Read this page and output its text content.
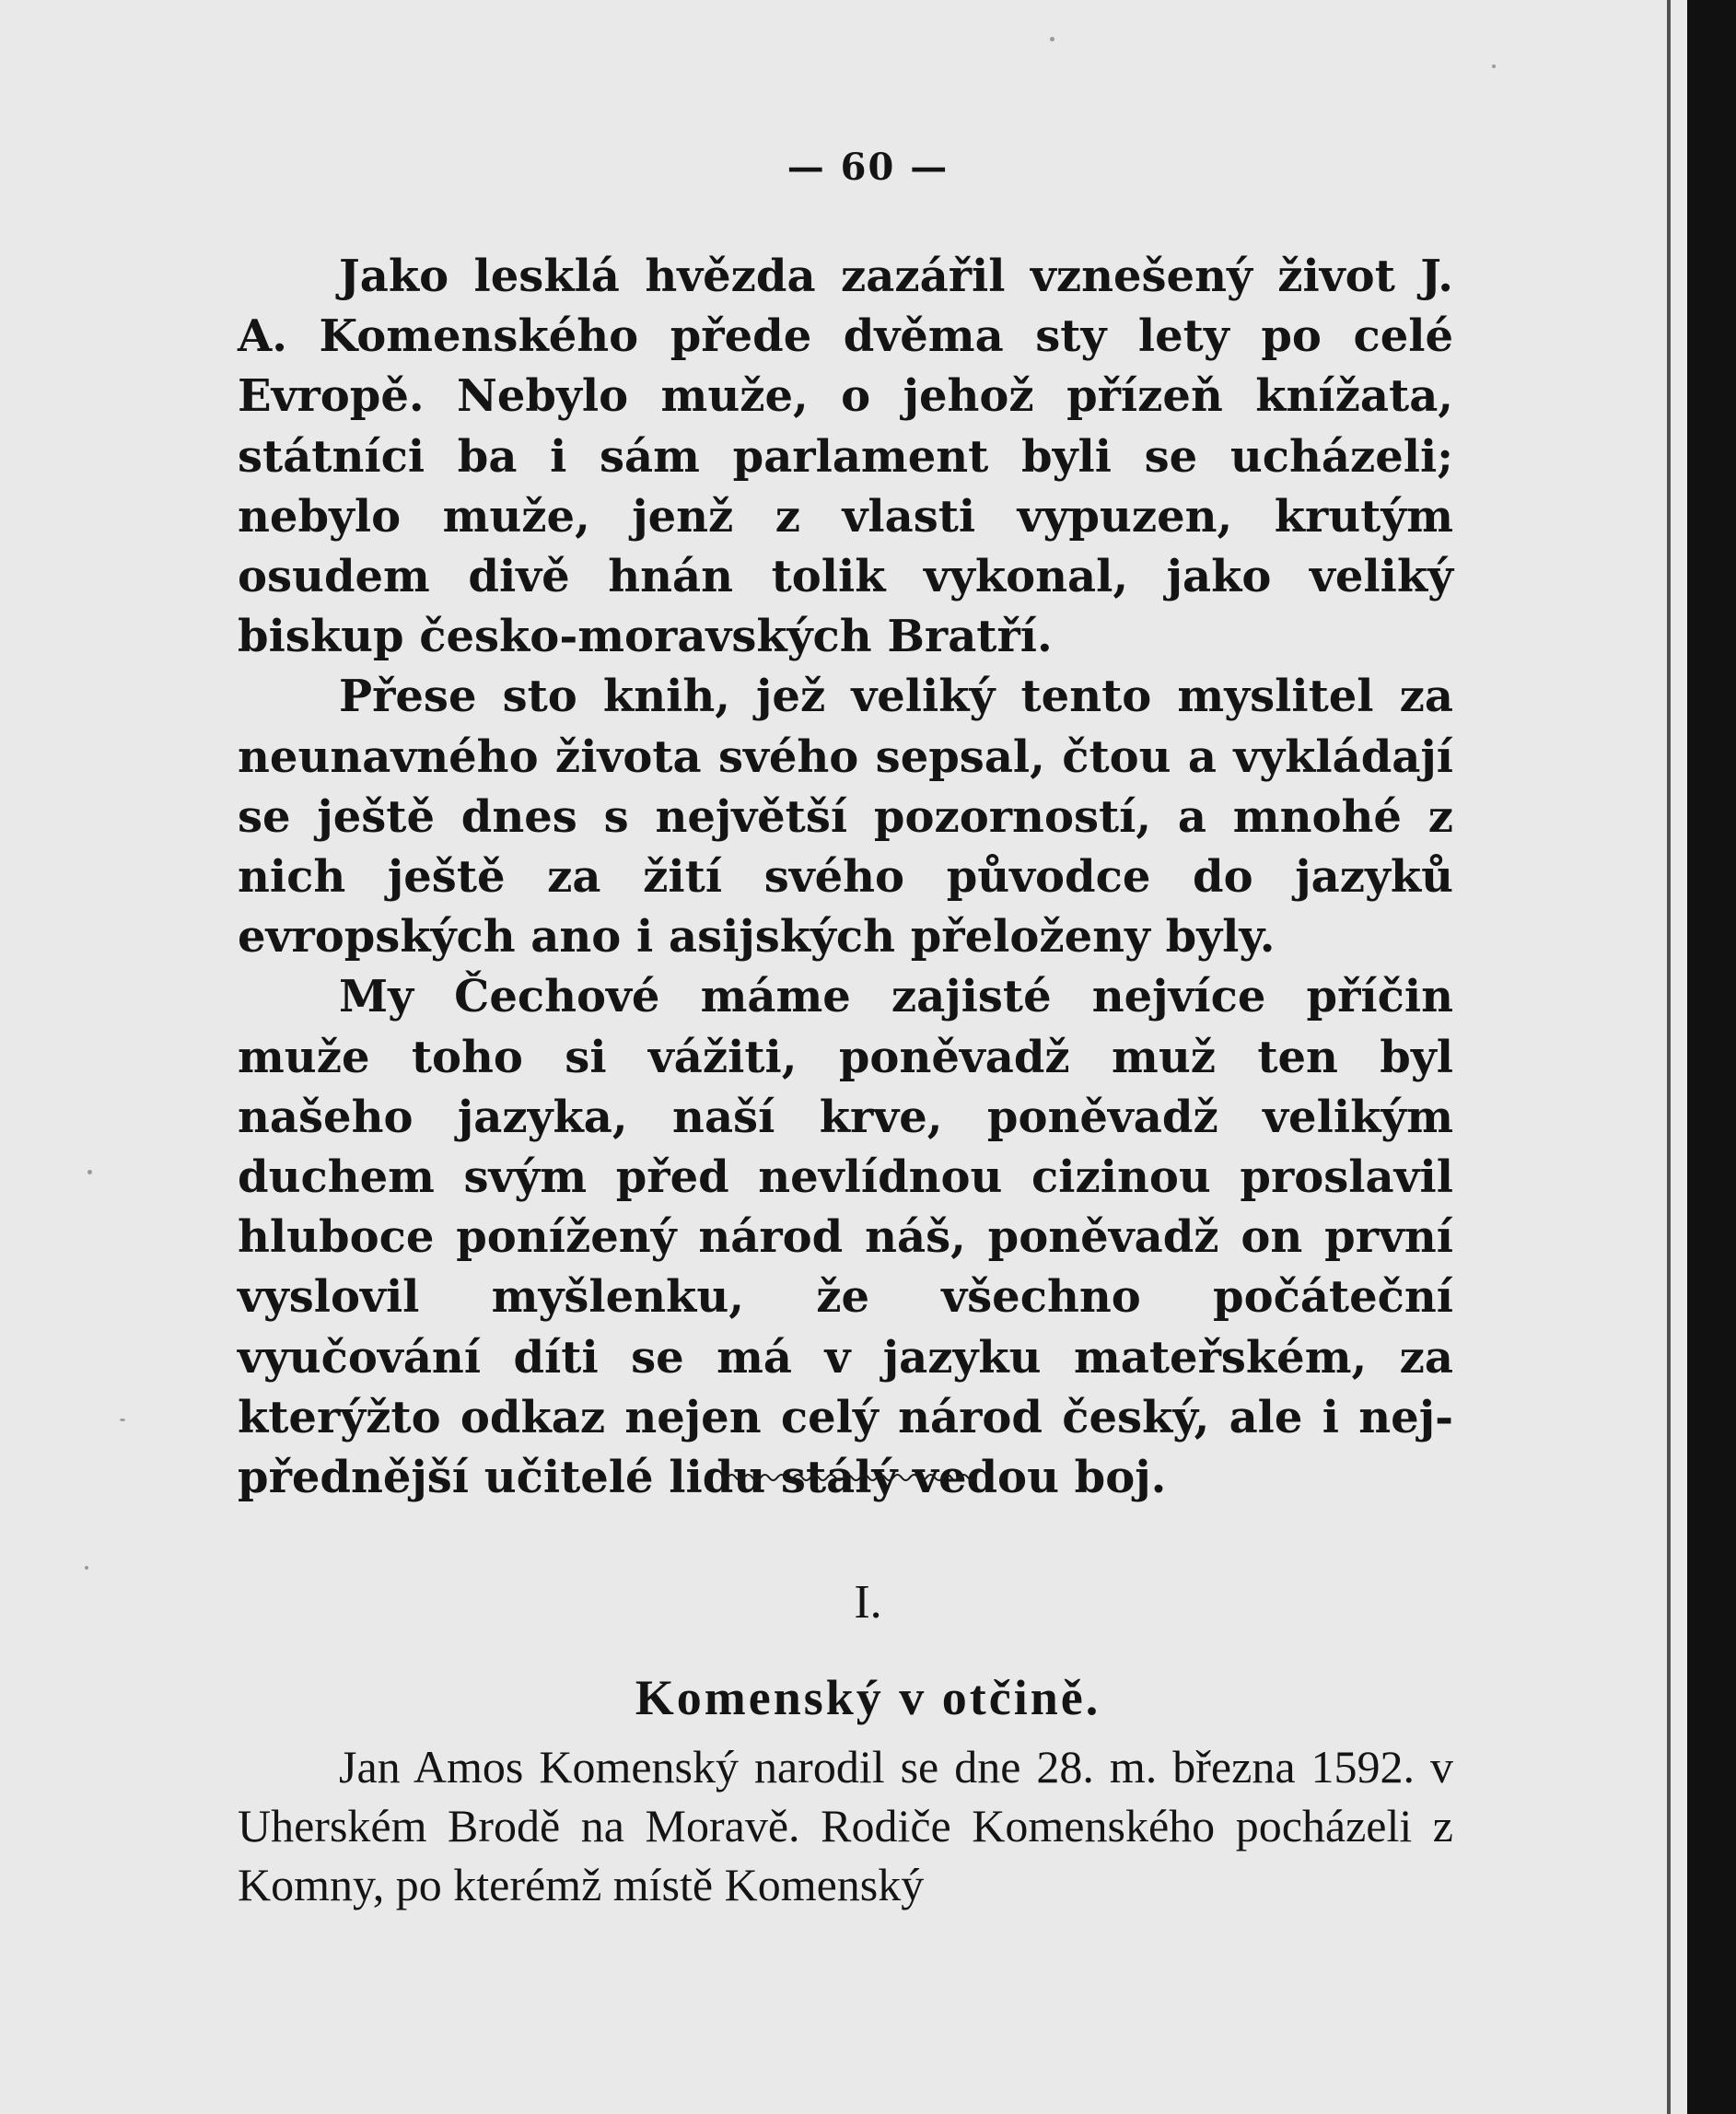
— 60 —

Jako lesklá hvězda zazářil vznešený život J. A. Komenského přede dvěma sty lety po celé Evropě. Nebylo muže, o jehož přízeň knížata, státníci ba i sám parlament byli se ucházeli; nebylo muže, jenž z vlasti vypuzen, krutým osudem divě hnán tolik vykonal, jako veliký biskup česko-moravských Bratří.

Přese sto knih, jež veliký tento myslitel za neunavného života svého sepsal, čtou a vykládají se ještě dnes s největší pozorností, a mnohé z nich ještě za žití svého původce do jazyků evropských ano i asijských přeloženy byly.

My Čechové máme zajisté nejvíce příčin muže toho si vážiti, poněvadž muž ten byl našeho jazyka, naší krve, poněvadž velikým duchem svým před nevlídnou cizinou proslavil hluboce ponížený národ náš, poněvadž on první vyslovil myšlenku, že všechno počáteční vyučování díti se má v jazyku mateřském, za kterýžto odkaz nejen celý národ český, ale i nejpřednější učitelé lidu stálý vedou boj.

I.
Komenský v otčině.

Jan Amos Komenský narodil se dne 28. m. března 1592. v Uherském Brodě na Moravě. Rodiče Komenského pocházeli z Komny, po kterémž místě Komenský
